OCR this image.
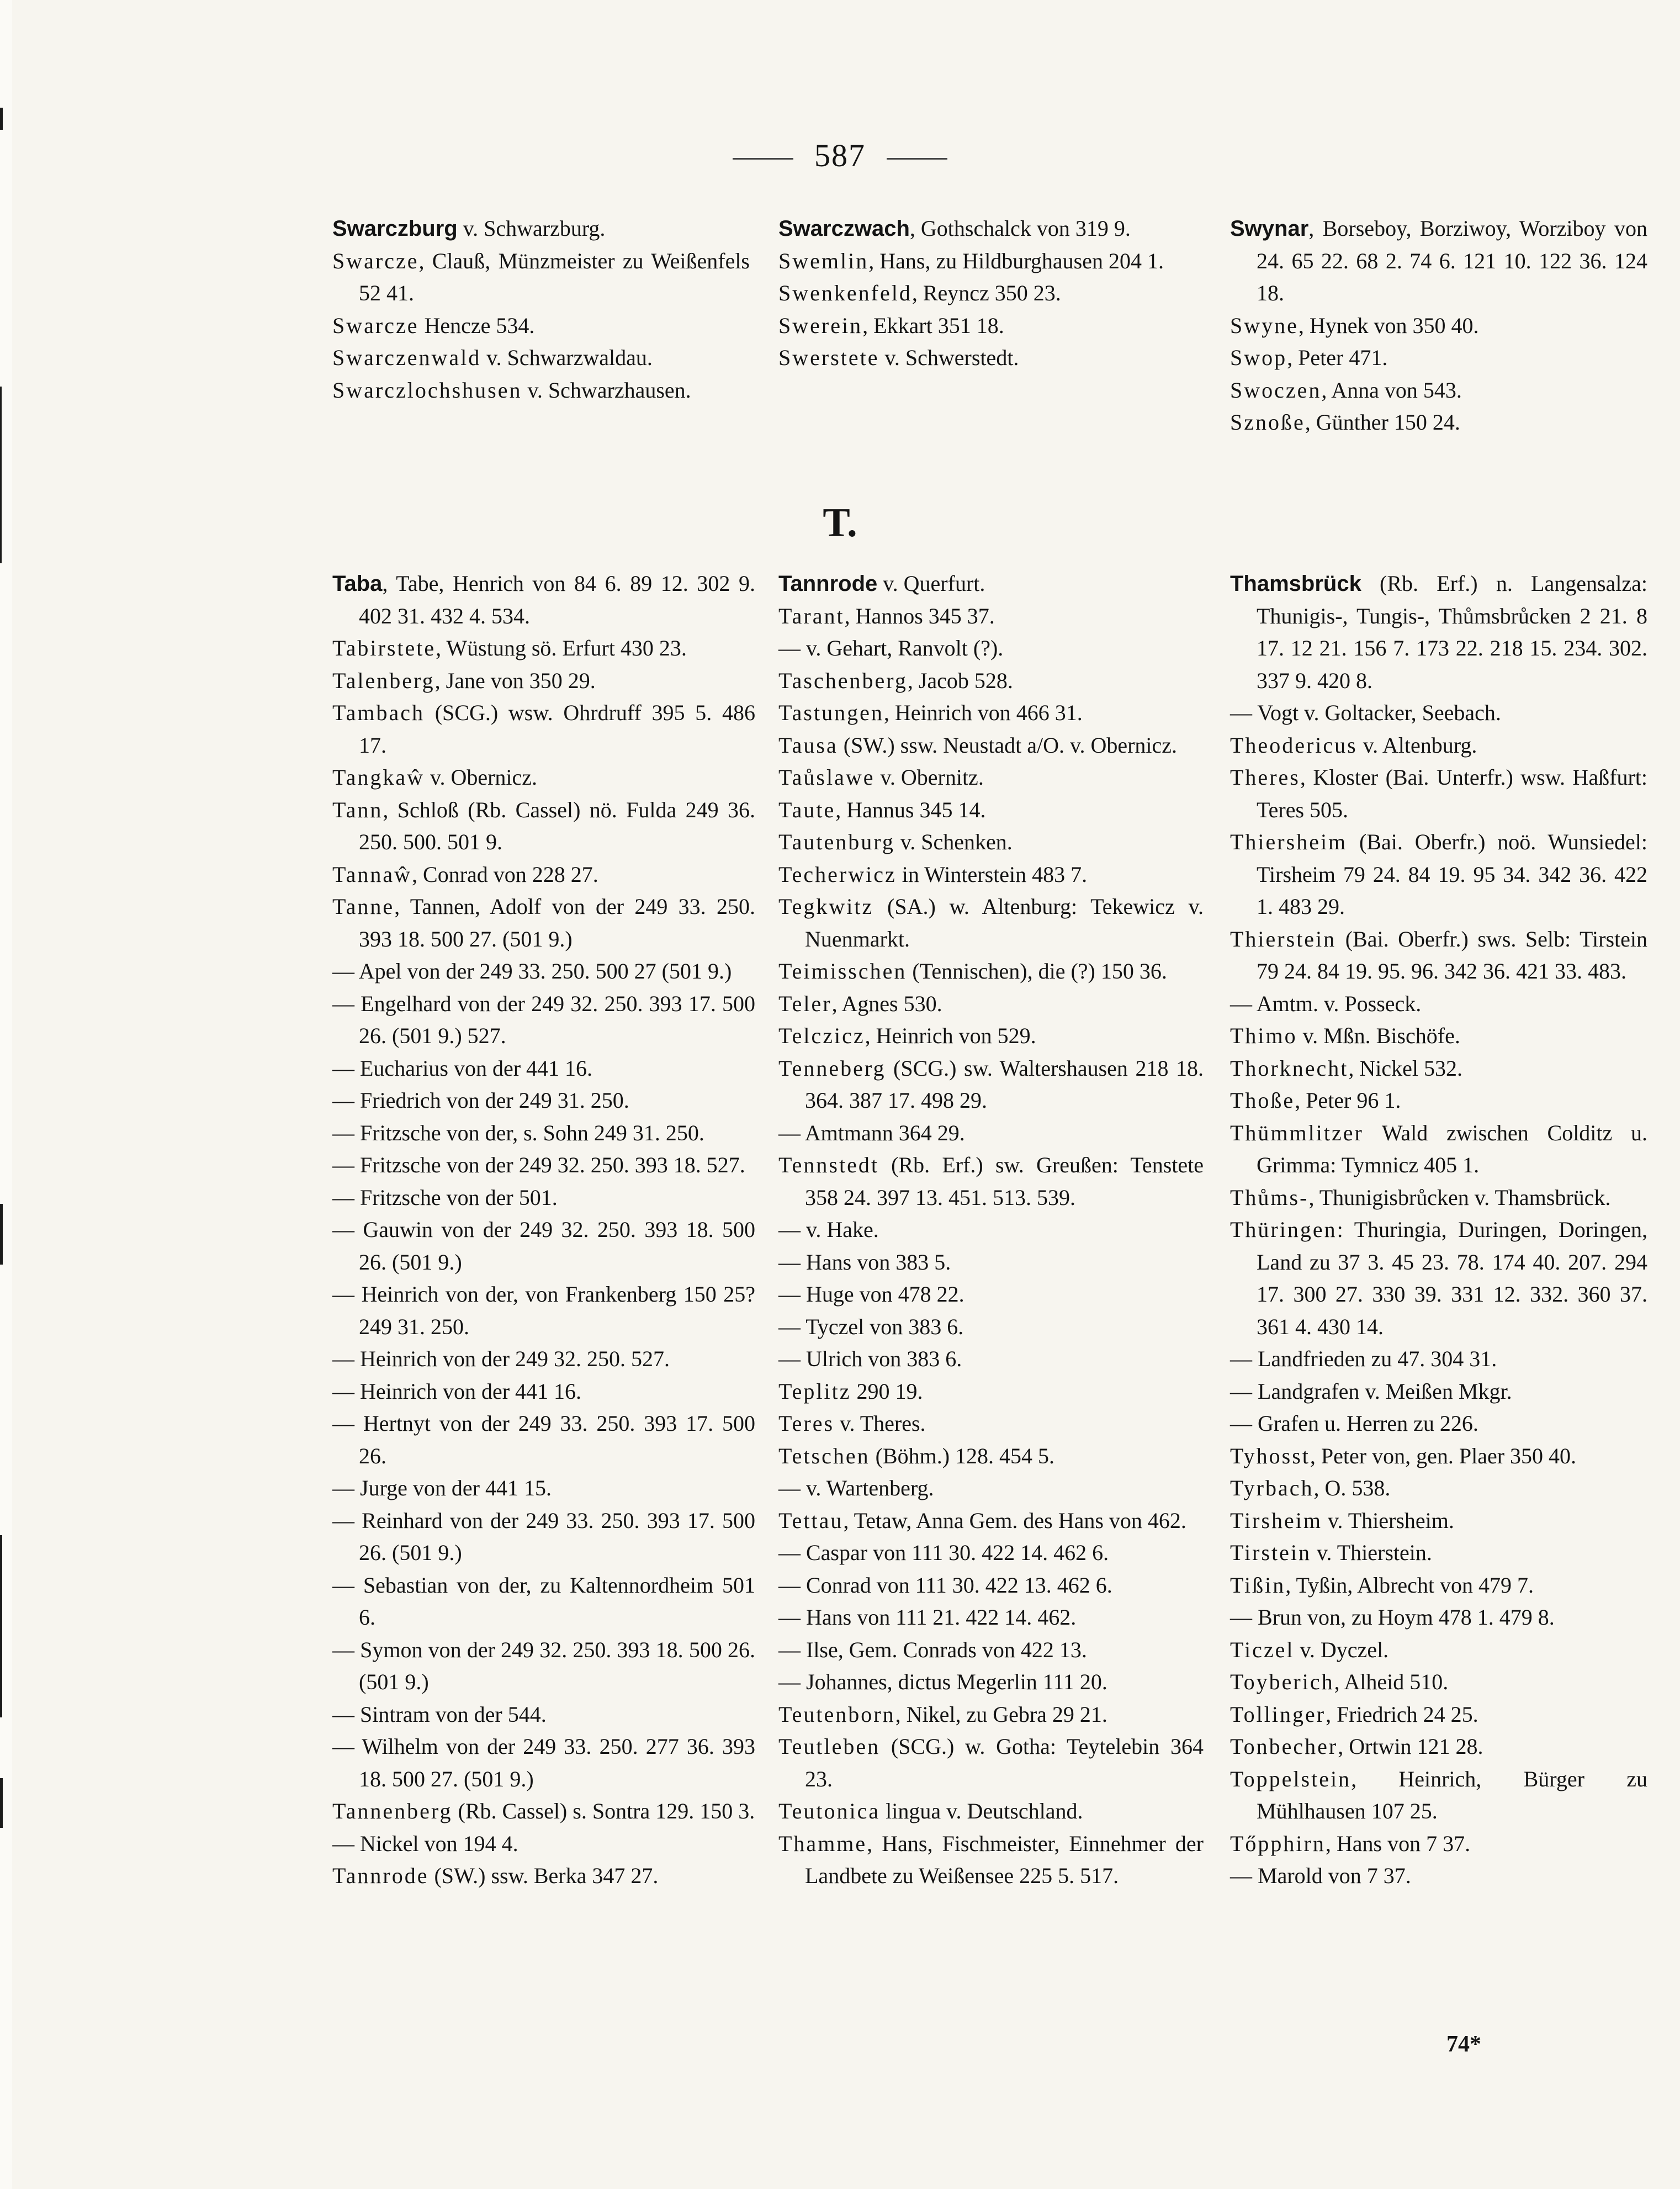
587

Swarczburg v. Schwarzburg.

Swarcze, Clauß, Münzmeister zu Weißenfels 52 41.

Swarcze Hencze 534.

Swarczenwald v. Schwarzwaldau.

Swarczlochshusen v. Schwarzhausen.

Swarczwach, Gothschalck von 319 9.

Swemlin, Hans, zu Hildburghausen 204 1.

Swenkenfeld, Reyncz 350 23.

Swerein, Ekkart 351 18.

Swerstete v. Schwerstedt.

Swynar, Borseboy, Borziwoy, Worziboy von 24. 65 22. 68 2. 74 6. 121 10. 122 36. 124 18.

Swyne, Hynek von 350 40.

Swop, Peter 471.

Swoczen, Anna von 543.

Sznoße, Günther 150 24.

T.

Taba, Tabe, Henrich von 84 6. 89 12. 302 9. 402 31. 432 4. 534.

Tabirstete, Wüstung sö. Erfurt 430 23.

Talenberg, Jane von 350 29.

Tambach (SCG.) wsw. Ohrdruff 395 5. 486 17.

Tangkaŵ v. Obernicz.

Tann, Schloß (Rb. Cassel) nö. Fulda 249 36. 250. 500. 501 9.

Tannaŵ, Conrad von 228 27.

Tanne, Tannen, Adolf von der 249 33. 250. 393 18. 500 27. (501 9.)

— Apel von der 249 33. 250. 500 27 (501 9.)

— Engelhard von der 249 32. 250. 393 17. 500 26. (501 9.) 527.

— Eucharius von der 441 16.

— Friedrich von der 249 31. 250.

— Fritzsche von der, s. Sohn 249 31. 250.

— Fritzsche von der 249 32. 250. 393 18. 527.

— Fritzsche von der 501.

— Gauwin von der 249 32. 250. 393 18. 500 26. (501 9.)

— Heinrich von der, von Frankenberg 150 25? 249 31. 250.

— Heinrich von der 249 32. 250. 527.

— Heinrich von der 441 16.

— Hertnyt von der 249 33. 250. 393 17. 500 26.

— Jurge von der 441 15.

— Reinhard von der 249 33. 250. 393 17. 500 26. (501 9.)

— Sebastian von der, zu Kaltennordheim 501 6.

— Symon von der 249 32. 250. 393 18. 500 26. (501 9.)

— Sintram von der 544.

— Wilhelm von der 249 33. 250. 277 36. 393 18. 500 27. (501 9.)

Tannenberg (Rb. Cassel) s. Sontra 129. 150 3.

— Nickel von 194 4.

Tannrode (SW.) ssw. Berka 347 27.

Tannrode v. Querfurt.

Tarant, Hannos 345 37.

— v. Gehart, Ranvolt (?).

Taschenberg, Jacob 528.

Tastungen, Heinrich von 466 31.

Tausa (SW.) ssw. Neustadt a/O. v. Obernicz.

Taůslawe v. Obernitz.

Taute, Hannus 345 14.

Tautenburg v. Schenken.

Techerwicz in Winterstein 483 7.

Tegkwitz (SA.) w. Altenburg: Tekewicz v. Nuenmarkt.

Teimisschen (Tennischen), die (?) 150 36.

Teler, Agnes 530.

Telczicz, Heinrich von 529.

Tenneberg (SCG.) sw. Waltershausen 218 18. 364. 387 17. 498 29.

— Amtmann 364 29.

Tennstedt (Rb. Erf.) sw. Greußen: Tenstete 358 24. 397 13. 451. 513. 539.

— v. Hake.

— Hans von 383 5.

— Huge von 478 22.

— Tyczel von 383 6.

— Ulrich von 383 6.

Teplitz 290 19.

Teres v. Theres.

Tetschen (Böhm.) 128. 454 5.

— v. Wartenberg.

Tettau, Tetaw, Anna Gem. des Hans von 462.

— Caspar von 111 30. 422 14. 462 6.

— Conrad von 111 30. 422 13. 462 6.

— Hans von 111 21. 422 14. 462.

— Ilse, Gem. Conrads von 422 13.

— Johannes, dictus Megerlin 111 20.

Teutenborn, Nikel, zu Gebra 29 21.

Teutleben (SCG.) w. Gotha: Teytelebin 364 23.

Teutonica lingua v. Deutschland.

Thamme, Hans, Fischmeister, Einnehmer der Landbete zu Weißensee 225 5. 517.

Thamsbrück (Rb. Erf.) n. Langensalza: Thunigis-, Tungis-, Thůmsbrůcken 2 21. 8 17. 12 21. 156 7. 173 22. 218 15. 234. 302. 337 9. 420 8.

— Vogt v. Goltacker, Seebach.

Theodericus v. Altenburg.

Theres, Kloster (Bai. Unterfr.) wsw. Haßfurt: Teres 505.

Thiersheim (Bai. Oberfr.) noö. Wunsiedel: Tirsheim 79 24. 84 19. 95 34. 342 36. 422 1. 483 29.

Thierstein (Bai. Oberfr.) sws. Selb: Tirstein 79 24. 84 19. 95. 96. 342 36. 421 33. 483.

— Amtm. v. Posseck.

Thimo v. Mßn. Bischöfe.

Thorknecht, Nickel 532.

Thoße, Peter 96 1.

Thümmlitzer Wald zwischen Colditz u. Grimma: Tymnicz 405 1.

Thůms-, Thunigisbrůcken v. Thamsbrück.

Thüringen: Thuringia, Duringen, Doringen, Land zu 37 3. 45 23. 78. 174 40. 207. 294 17. 300 27. 330 39. 331 12. 332. 360 37. 361 4. 430 14.

— Landfrieden zu 47. 304 31.

— Landgrafen v. Meißen Mkgr.

— Grafen u. Herren zu 226.

Tyhosst, Peter von, gen. Plaer 350 40.

Tyrbach, O. 538.

Tirsheim v. Thiersheim.

Tirstein v. Thierstein.

Tißin, Tyßin, Albrecht von 479 7.

— Brun von, zu Hoym 478 1. 479 8.

Ticzel v. Dyczel.

Toyberich, Alheid 510.

Tollinger, Friedrich 24 25.

Tonbecher, Ortwin 121 28.

Toppelstein, Heinrich, Bürger zu Mühlhausen 107 25.

Tőpphirn, Hans von 7 37.

— Marold von 7 37.

74*
